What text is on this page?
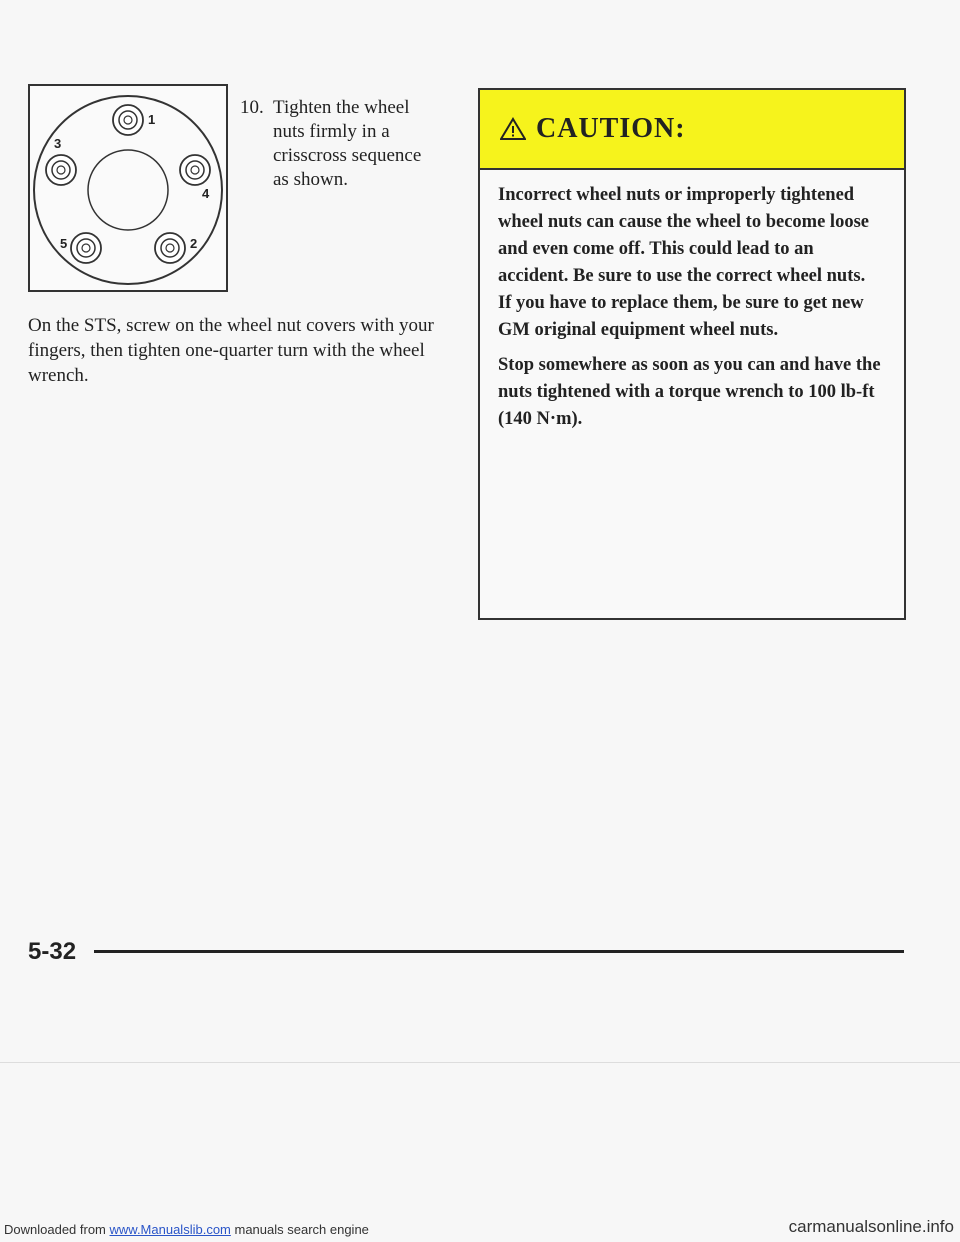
1
2
3
4
5
10. Tighten the wheel nuts firmly in a crisscross sequence as shown.
On the STS, screw on the wheel nut covers with your fingers, then tighten one-quarter turn with the wheel wrench.
CAUTION:

Incorrect wheel nuts or improperly tightened wheel nuts can cause the wheel to become loose and even come off. This could lead to an accident. Be sure to use the correct wheel nuts. If you have to replace them, be sure to get new GM original equipment wheel nuts.

Stop somewhere as soon as you can and have the nuts tightened with a torque wrench to 100 lb-ft (140 N·m).

5-32
Downloaded from www.Manualslib.com manuals search engine	carmanualsonline.info
